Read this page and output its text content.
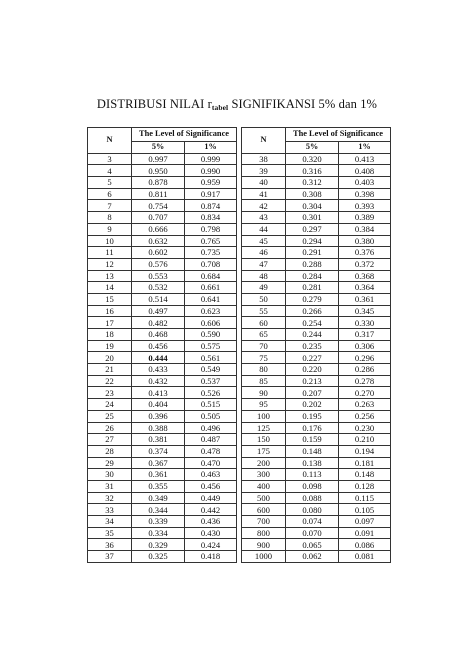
DISTRIBUSI NILAI $r_{tabel}$ SIGNIFIKANSI 5% dan 1%
N	The Level of Significance			N	The Level of Significance	
	5%	1%			5%	1%
3	0.997	0.999		38	0.320	0.413
4	0.950	0.990		39	0.316	0.408
5	0.878	0.959		40	0.312	0.403
6	0.811	0.917		41	0.308	0.398
7	0.754	0.874		42	0.304	0.393
8	0.707	0.834		43	0.301	0.389
9	0.666	0.798		44	0.297	0.384
10	0.632	0.765		45	0.294	0.380
11	0.602	0.735		46	0.291	0.376
12	0.576	0.708		47	0.288	0.372
13	0.553	0.684		48	0.284	0.368
14	0.532	0.661		49	0.281	0.364
15	0.514	0.641		50	0.279	0.361
16	0.497	0.623		55	0.266	0.345
17	0.482	0.606		60	0.254	0.330
18	0.468	0.590		65	0.244	0.317
19	0.456	0.575		70	0.235	0.306
20	0.444	0.561		75	0.227	0.296
21	0.433	0.549		80	0.220	0.286
22	0.432	0.537		85	0.213	0.278
23	0.413	0.526		90	0.207	0.270
24	0.404	0.515		95	0.202	0.263
25	0.396	0.505		100	0.195	0.256
26	0.388	0.496		125	0.176	0.230
27	0.381	0.487		150	0.159	0.210
28	0.374	0.478		175	0.148	0.194
29	0.367	0.470		200	0.138	0.181
30	0.361	0.463		300	0.113	0.148
31	0.355	0.456		400	0.098	0.128
32	0.349	0.449		500	0.088	0.115
33	0.344	0.442		600	0.080	0.105
34	0.339	0.436		700	0.074	0.097
35	0.334	0.430		800	0.070	0.091
36	0.329	0.424		900	0.065	0.086
37	0.325	0.418		1000	0.062	0.081
